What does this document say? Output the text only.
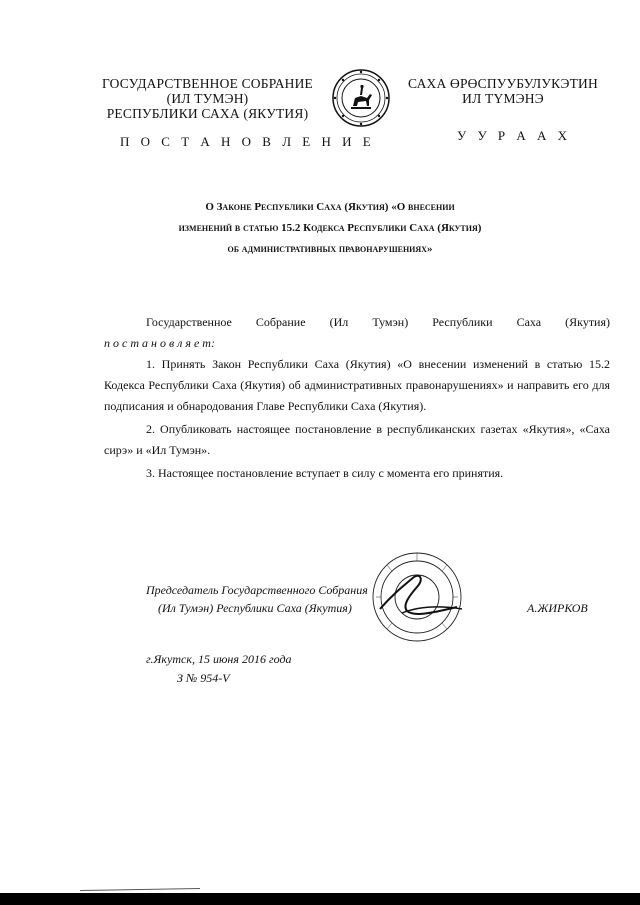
ГОСУДАРСТВЕННОЕ СОБРАНИЕ
(ИЛ ТУМЭН)
РЕСПУБЛИКИ САХА (ЯКУТИЯ)
САХА ӨРӨСПУУБУЛУКЭТИН
ИЛ ТҮМЭНЭ
П О С Т А Н О В Л Е Н И Е	У У Р А А Х
О Законе Республики Саха (Якутия) «О внесении
изменений в статью 15.2 Кодекса Республики Саха (Якутия)
об административных правонарушениях»

Государственное Собрание (Ил Тумэн) Республики Саха (Якутия)

п о с т а н о в л я е т:

1. Принять Закон Республики Саха (Якутия) «О внесении изменений в статью 15.2 Кодекса Республики Саха (Якутия) об административных правонарушениях» и направить его для подписания и обнародования Главе Республики Саха (Якутия).

2. Опубликовать настоящее постановление в республиканских газетах «Якутия», «Саха сирэ» и «Ил Тумэн».

3. Настоящее постановление вступает в силу с момента его принятия.

Председатель Государственного Собрания
(Ил Тумэн) Республики Саха (Якутия)	А.ЖИРКОВ
г.Якутск, 15 июня 2016 года
З № 954-V
